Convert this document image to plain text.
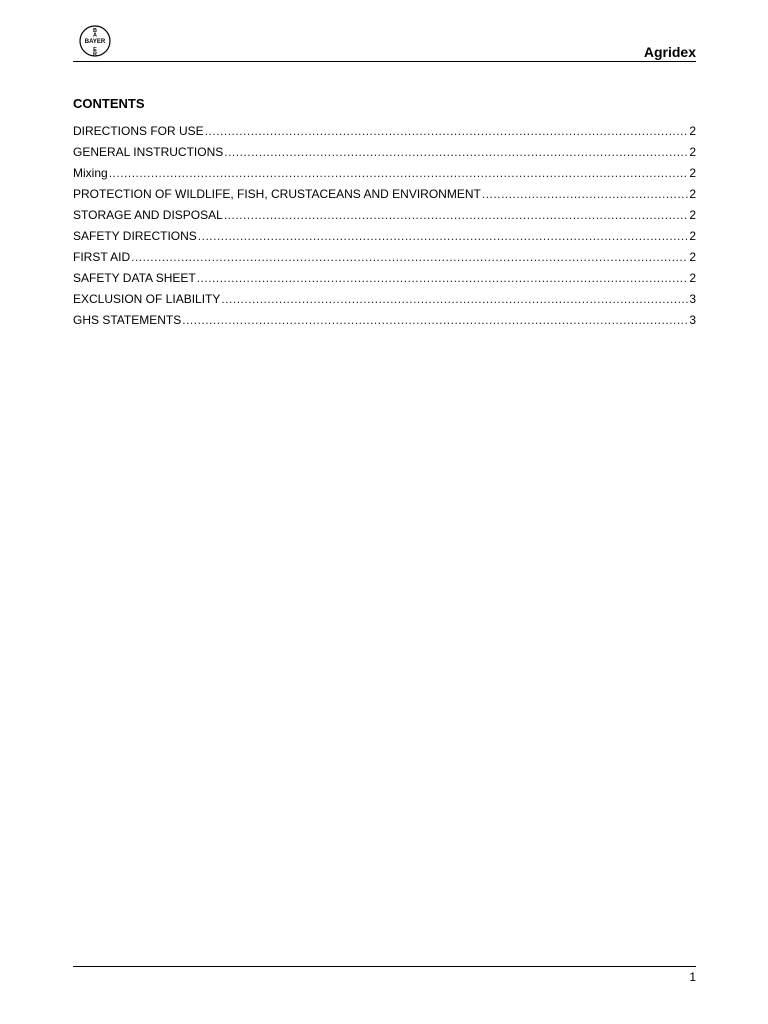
B
A
E
R
BAYER
Agridex
CONTENTS
DIRECTIONS FOR USE .....	2
GENERAL INSTRUCTIONS .....	2
Mixing .....	2
PROTECTION OF WILDLIFE, FISH, CRUSTACEANS AND ENVIRONMENT .....	2
STORAGE AND DISPOSAL .....	2
SAFETY DIRECTIONS .....	2
FIRST AID .....	2
SAFETY DATA SHEET .....	2
EXCLUSION OF LIABILITY .....	3
GHS STATEMENTS .....	3
1
